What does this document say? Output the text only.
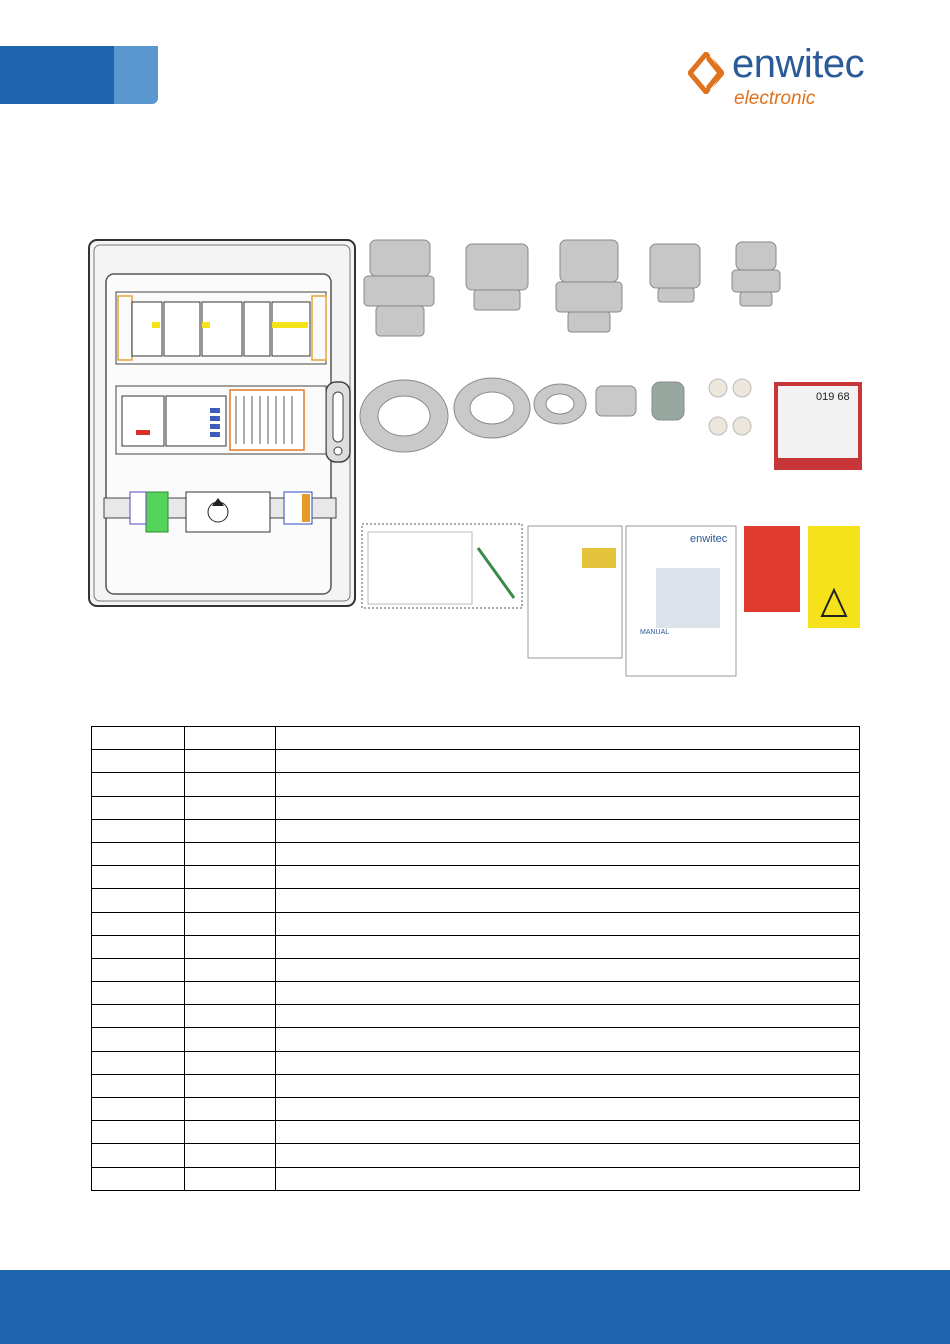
enwitec
electronic
019 68
enwitec
MANUAL
